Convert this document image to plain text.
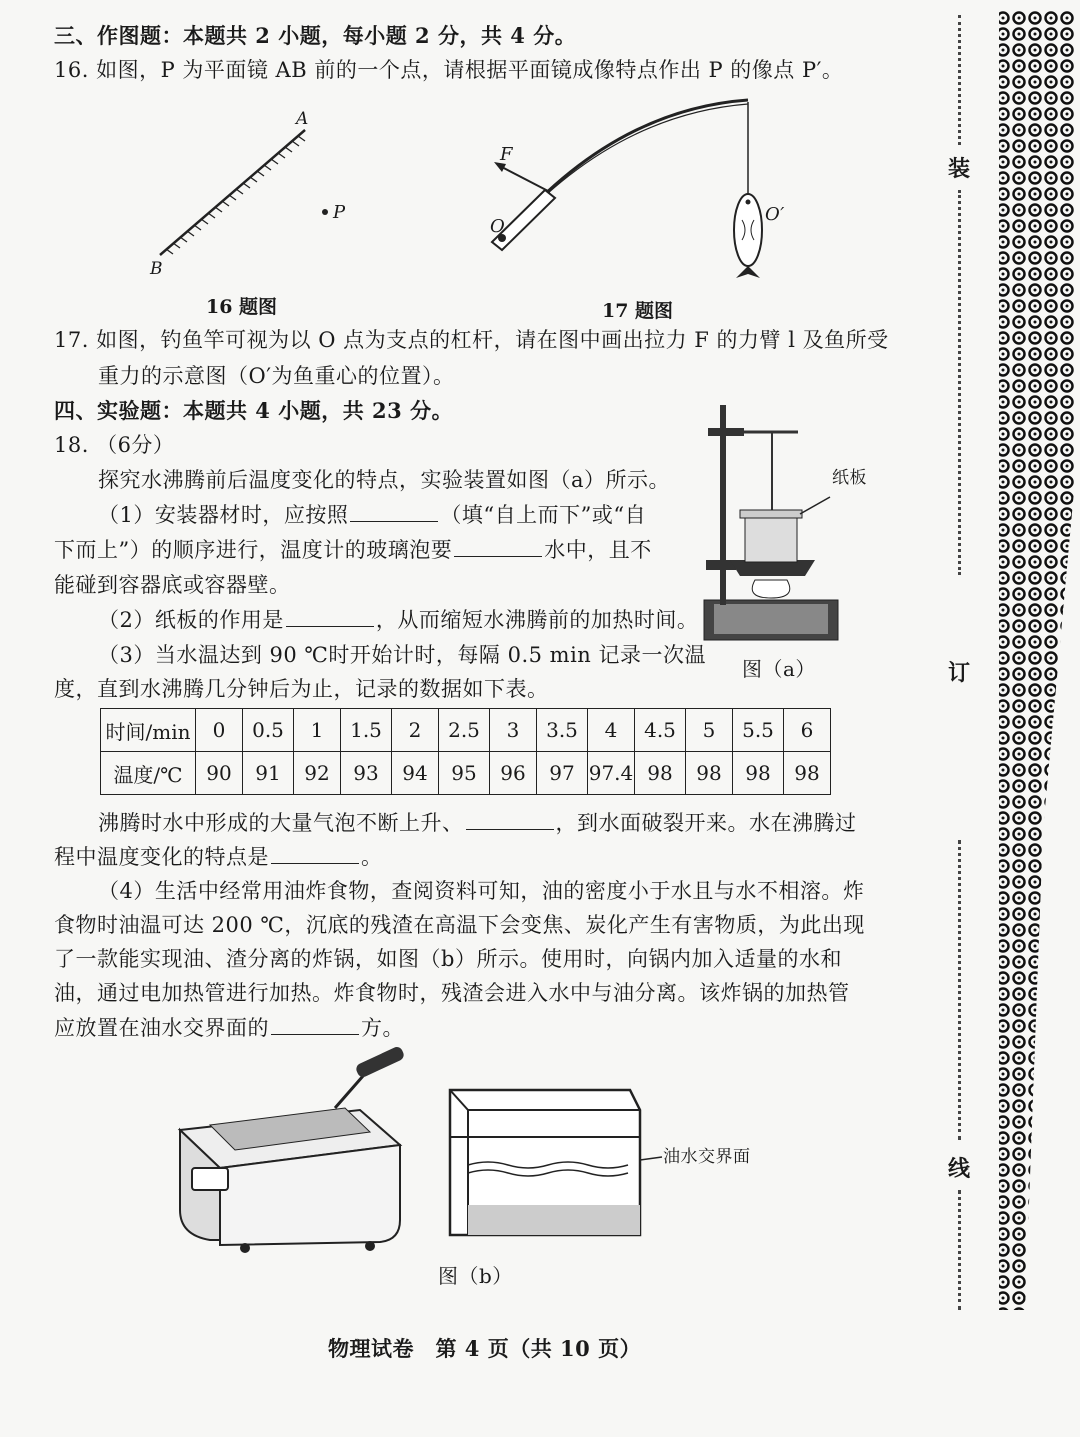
三、作图题：本题共 2 小题，每小题 2 分，共 4 分。
16. 如图，P 为平面镜 AB 前的一个点，请根据平面镜成像特点作出 P 的像点 P′。
A
B
P
16 题图
F
O
O′
17 题图
17. 如图，钓鱼竿可视为以 O 点为支点的杠杆，请在图中画出拉力 F 的力臂 l 及鱼所受
重力的示意图（O′为鱼重心的位置）。
四、实验题：本题共 4 小题，共 23 分。
18. （6分）
探究水沸腾前后温度变化的特点，实验装置如图（a）所示。
（1）安装器材时，应按照	（填“自上而下”或“自
下而上”）的顺序进行，温度计的玻璃泡要	水中，且不
能碰到容器底或容器壁。
（2）纸板的作用是	，从而缩短水沸腾前的加热时间。
（3）当水温达到 90 ℃时开始计时，每隔 0.5 min 记录一次温
度，直到水沸腾几分钟后为止，记录的数据如下表。
纸板
图（a）
时间/min	0	0.5	1	1.5	2	2.5	3	3.5	4	4.5	5	5.5	6
温度/℃	90	91	92	93	94	95	96	97	97.4	98	98	98	98
沸腾时水中形成的大量气泡不断上升、	，到水面破裂开来。水在沸腾过
程中温度变化的特点是	。
（4）生活中经常用油炸食物，查阅资料可知，油的密度小于水且与水不相溶。炸
食物时油温可达 200 ℃，沉底的残渣在高温下会变焦、炭化产生有害物质，为此出现
了一款能实现油、渣分离的炸锅，如图（b）所示。使用时，向锅内加入适量的水和
油，通过电加热管进行加热。炸食物时，残渣会进入水中与油分离。该炸锅的加热管
应放置在油水交界面的	方。
油水交界面
图（b）
物理试卷　第 4 页（共 10 页）
装
订
线
